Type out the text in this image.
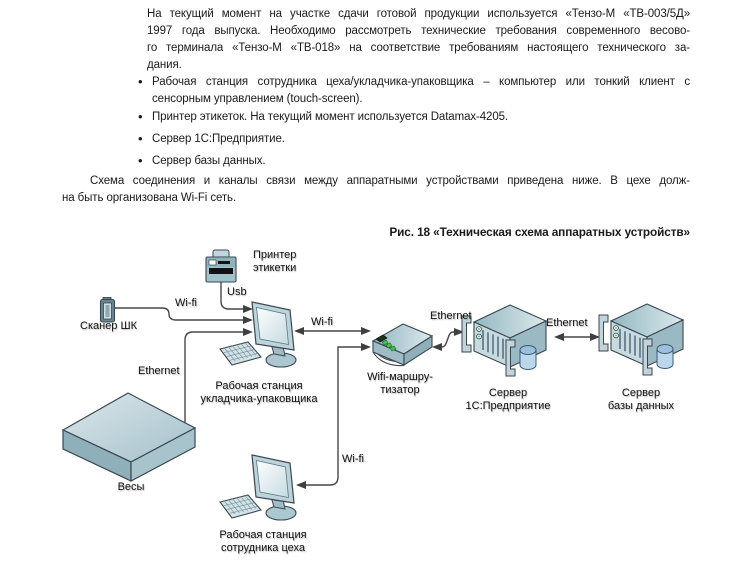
На текущий момент на участке сдачи готовой продукции используется «Тензо-М «ТВ-003/5Д»
1997 года выпуска. Необходимо рассмотреть технические требования современного весово-
го терминала «Тензо-М «ТВ-018» на соответствие требованиям настоящего технического за-
дания.
• Рабочая станция сотрудника цеха/укладчика-упаковщика – компьютер или тонкий клиент с
сенсорным управлением (touch-screen).
• Принтер этикеток. На текущий момент используется Datamax-4205.
• Сервер 1С:Предприятие.
• Сервер базы данных.
Схема соединения и каналы связи между аппаратными устройствами приведена ниже. В цехе долж-
на быть организована Wi-Fi сеть.
Рис. 18 «Техническая схема аппаратных устройств»
Принтер
этикетки
Usb
Сканер ШК
Wi-fi
Ethernet
Рабочая станция
укладчика-упаковщика
Wi-fi
Wifi-маршру-
тизатор
Ethernet
Сервер
1С:Предприятие
Ethernet
Сервер
базы данных
Весы
Wi-fi
Рабочая станция
сотрудника цеха
